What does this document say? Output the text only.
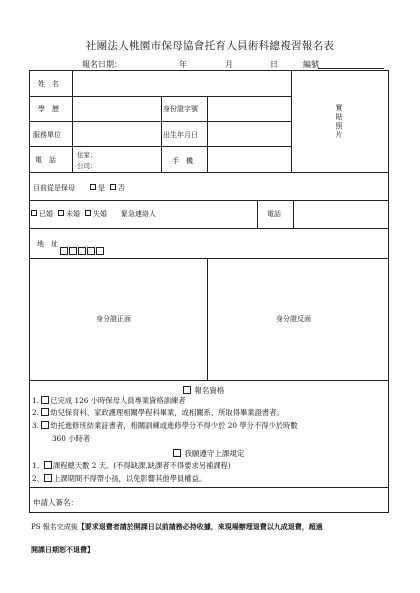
社團法人桃園市保母協會托育人員術科總複習報名表
報名日期：	年	月	日	編號
姓　名
學　歷	身份證字號
服務單位	出生年月日
電　話
住家：
公司：
手　機
實
貼
照
片
目前從是保母	是 否
已婚 未婚 失婚 緊急連絡人	電話
地　址
身分證正面	身分證反面
報名資格
1. 已完成 126 小時保母人員專業資格訓練者
2. 幼兒保育科、家政護理相關學程科畢業，或相關系、所取得畢業證書者。
3. 幼托進修班結業証書者，相關訓練或進修學分不得少於 20 學分不得少於時數
360 小時者
我願遵守上課規定
1、 課程總天數 2 天。(不得缺課,缺課者不得要求另補課程)
2、 上課期間不得帶小孩，以免影響其他學員權益。
申請人簽名：
PS 報名完成後【要求退費者請於開課日以前請務必持收據，來現場辦理退費以九成退費，超過
開課日期恕不退費】
